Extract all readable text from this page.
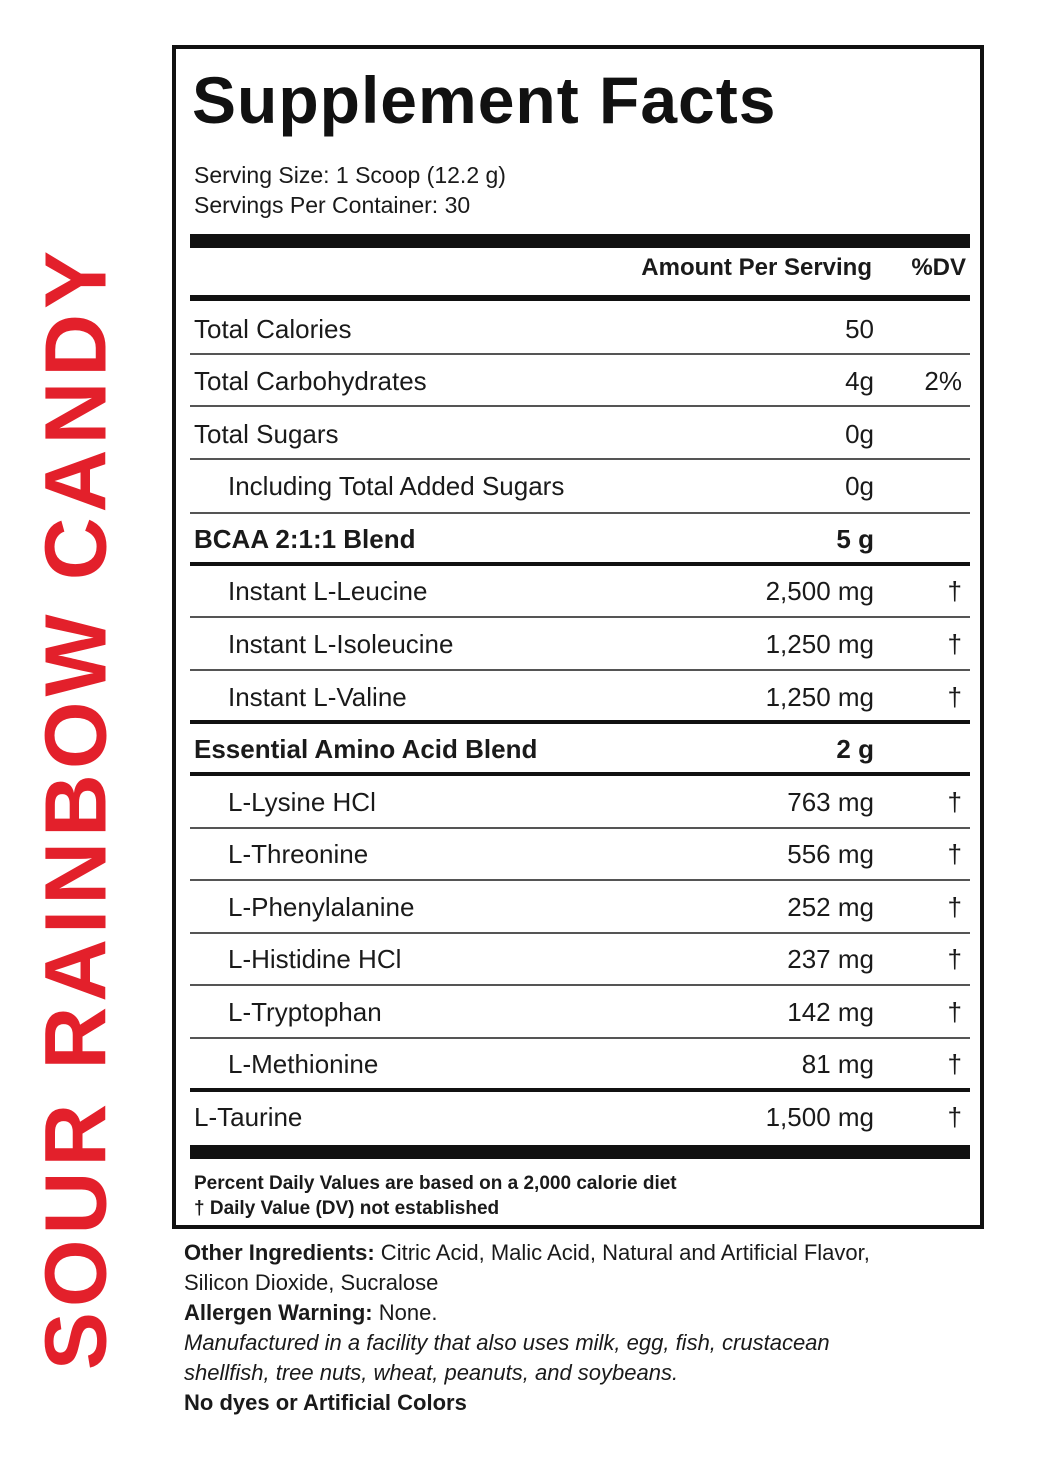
SOUR RAINBOW CANDY
Supplement Facts
Serving Size: 1 Scoop (12.2 g)
Servings Per Container: 30
Amount Per Serving %DV
Total Calories	50
Total Carbohydrates	4g 2%
Total Sugars	0g
Including Total Added Sugars	0g
BCAA 2:1:1 Blend	5 g
Instant L-Leucine	2,500 mg	†
Instant L-Isoleucine	1,250 mg	†
Instant L-Valine	1,250 mg	†
Essential Amino Acid Blend	2 g
L-Lysine HCl	763 mg	†
L-Threonine	556 mg	†
L-Phenylalanine	252 mg	†
L-Histidine HCl	237 mg	†
L-Tryptophan	142 mg	†
L-Methionine	81 mg	†
L-Taurine	1,500 mg	†
Percent Daily Values are based on a 2,000 calorie diet
† Daily Value (DV) not established
Other Ingredients: Citric Acid, Malic Acid, Natural and Artificial Flavor,
Silicon Dioxide, Sucralose
Allergen Warning: None.
Manufactured in a facility that also uses milk, egg, fish, crustacean
shellfish, tree nuts, wheat, peanuts, and soybeans.
No dyes or Artificial Colors
